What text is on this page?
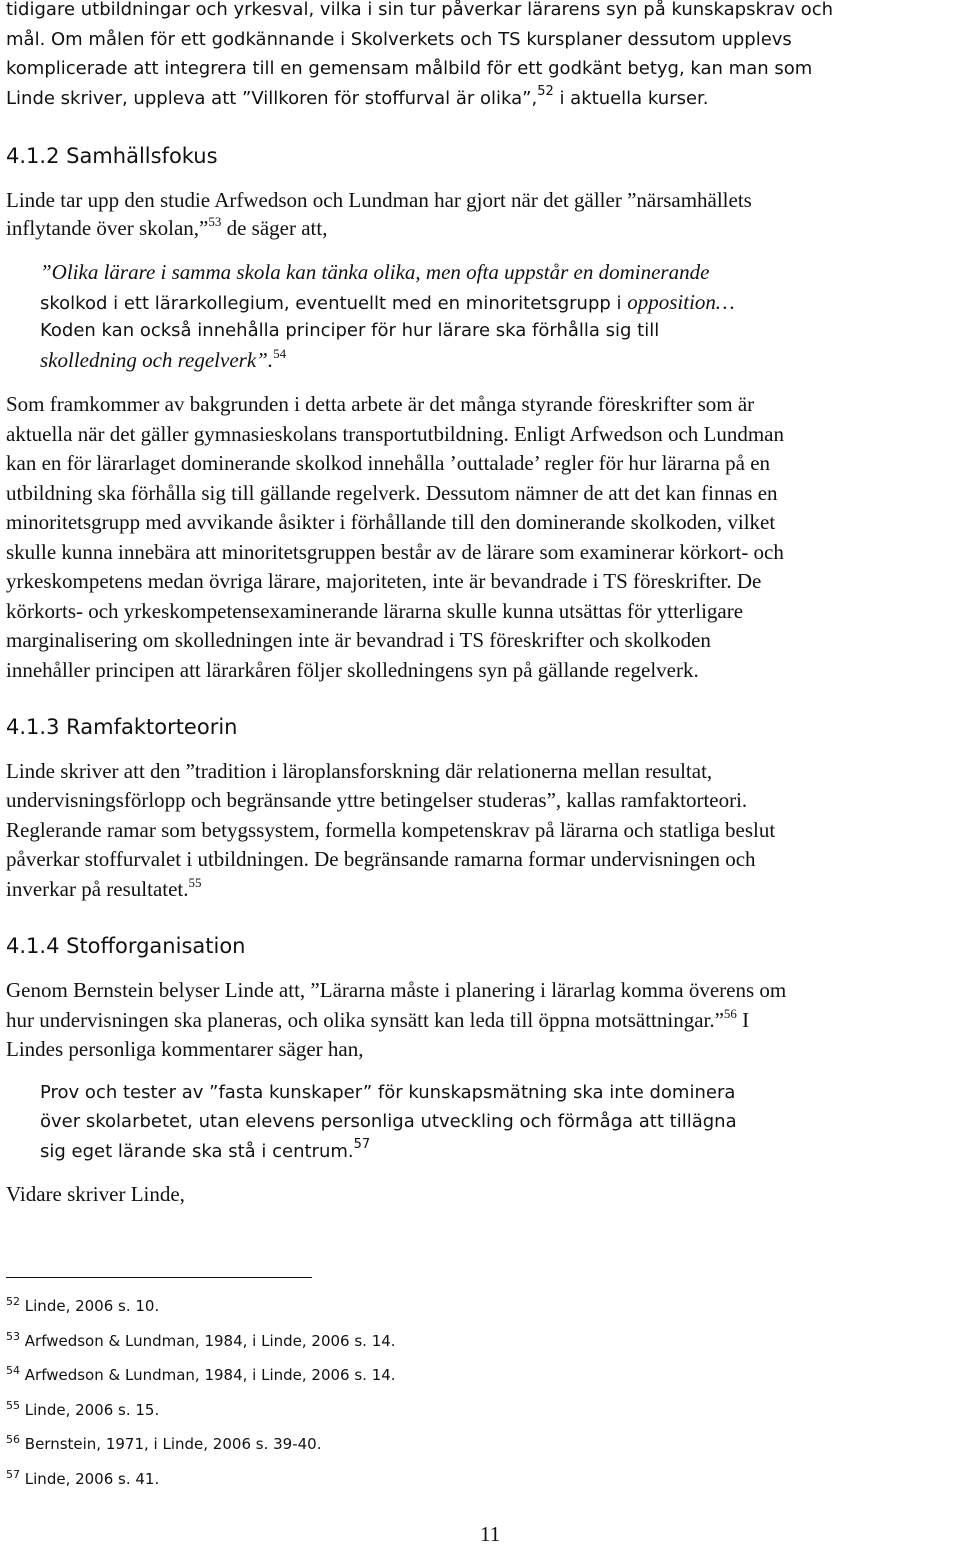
tidigare utbildningar och yrkesval, vilka i sin tur påverkar lärarens syn på kunskapskrav och
mål. Om målen för ett godkännande i Skolverkets och TS kursplaner dessutom upplevs
komplicerade att integrera till en gemensam målbild för ett godkänt betyg, kan man som
Linde skriver, uppleva att ”Villkoren för stoffurval är olika”,$^{52}$ i aktuella kurser.
4.1.2 Samhällsfokus
Linde tar upp den studie Arfwedson och Lundman har gjort när det gäller ”närsamhällets
inflytande över skolan,”$^{53}$ de säger att,
”Olika lärare i samma skola kan tänka olika, men ofta uppstår en dominerande
skolkod i ett lärarkollegium, eventuellt med en minoritetsgrupp i opposition…
Koden kan också innehålla principer för hur lärare ska förhålla sig till
skolledning och regelverk”.$^{54}$
Som framkommer av bakgrunden i detta arbete är det många styrande föreskrifter som är
aktuella när det gäller gymnasieskolans transportutbildning. Enligt Arfwedson och Lundman
kan en för lärarlaget dominerande skolkod innehålla ’outtalade’ regler för hur lärarna på en
utbildning ska förhålla sig till gällande regelverk. Dessutom nämner de att det kan finnas en
minoritetsgrupp med avvikande åsikter i förhållande till den dominerande skolkoden, vilket
skulle kunna innebära att minoritetsgruppen består av de lärare som examinerar körkort- och
yrkeskompetens medan övriga lärare, majoriteten, inte är bevandrade i TS föreskrifter. De
körkorts- och yrkeskompetensexaminerande lärarna skulle kunna utsättas för ytterligare
marginalisering om skolledningen inte är bevandrad i TS föreskrifter och skolkoden
innehåller principen att lärarkåren följer skolledningens syn på gällande regelverk.
4.1.3 Ramfaktorteorin
Linde skriver att den ”tradition i läroplansforskning där relationerna mellan resultat,
undervisningsförlopp och begränsande yttre betingelser studeras”, kallas ramfaktorteori.
Reglerande ramar som betygssystem, formella kompetenskrav på lärarna och statliga beslut
påverkar stoffurvalet i utbildningen. De begränsande ramarna formar undervisningen och
inverkar på resultatet.$^{55}$
4.1.4 Stofforganisation
Genom Bernstein belyser Linde att, ”Lärarna måste i planering i lärarlag komma överens om
hur undervisningen ska planeras, och olika synsätt kan leda till öppna motsättningar.”$^{56}$ I
Lindes personliga kommentarer säger han,
Prov och tester av ”fasta kunskaper” för kunskapsmätning ska inte dominera
över skolarbetet, utan elevens personliga utveckling och förmåga att tillägna
sig eget lärande ska stå i centrum.$^{57}$
Vidare skriver Linde,
$^{52}$ Linde, 2006 s. 10.
$^{53}$ Arfwedson & Lundman, 1984, i Linde, 2006 s. 14.
$^{54}$ Arfwedson & Lundman, 1984, i Linde, 2006 s. 14.
$^{55}$ Linde, 2006 s. 15.
$^{56}$ Bernstein, 1971, i Linde, 2006 s. 39-40.
$^{57}$ Linde, 2006 s. 41.
11
